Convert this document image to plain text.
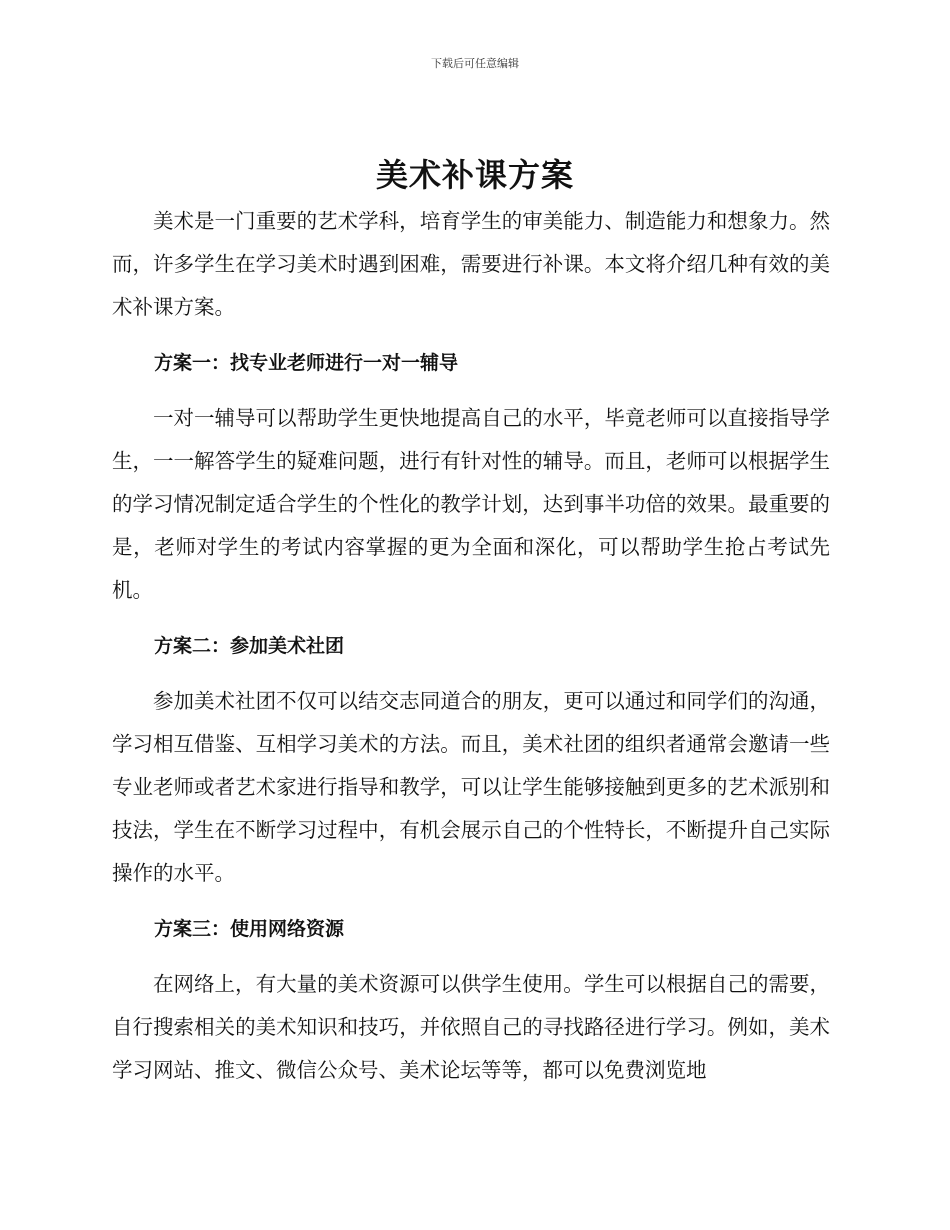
下载后可任意编辑
美术补课方案

美术是一门重要的艺术学科，培育学生的审美能力、制造能力和想象力。然而，许多学生在学习美术时遇到困难，需要进行补课。本文将介绍几种有效的美术补课方案。

方案一：找专业老师进行一对一辅导

一对一辅导可以帮助学生更快地提高自己的水平，毕竟老师可以直接指导学生，一一解答学生的疑难问题，进行有针对性的辅导。而且，老师可以根据学生的学习情况制定适合学生的个性化的教学计划，达到事半功倍的效果。最重要的是，老师对学生的考试内容掌握的更为全面和深化，可以帮助学生抢占考试先机。

方案二：参加美术社团

参加美术社团不仅可以结交志同道合的朋友，更可以通过和同学们的沟通，学习相互借鉴、互相学习美术的方法。而且，美术社团的组织者通常会邀请一些专业老师或者艺术家进行指导和教学，可以让学生能够接触到更多的艺术派别和技法，学生在不断学习过程中，有机会展示自己的个性特长，不断提升自己实际操作的水平。

方案三：使用网络资源

在网络上，有大量的美术资源可以供学生使用。学生可以根据自己的需要，自行搜索相关的美术知识和技巧，并依照自己的寻找路径进行学习。例如，美术学习网站、推文、微信公众号、美术论坛等等，都可以免费浏览地
